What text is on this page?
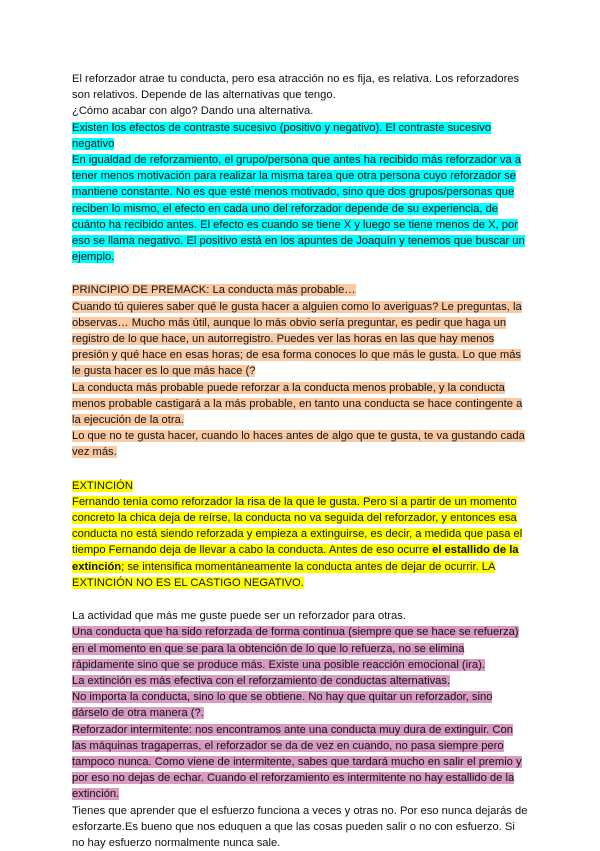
El reforzador atrae tu conducta, pero esa atracción no es fija, es relativa. Los reforzadores son relativos. Depende de las alternativas que tengo.

¿Cómo acabar con algo? Dando una alternativa.

Existen los efectos de contraste sucesivo (positivo y negativo). El contraste sucesivo negativo

En igualdad de reforzamiento, el grupo/persona que antes ha recibido más reforzador va a tener menos motivación para realizar la misma tarea que otra persona cuyo reforzador se mantiene constante. No es que esté menos motivado, sino que dos grupos/personas que reciben lo mismo, el efecto en cada uno del reforzador depende de su experiencia, de cuánto ha recibido antes. El efecto es cuando se tiene X y luego se tiene menos de X, por eso se llama negativo. El positivo está en los apuntes de Joaquín y tenemos que buscar un ejemplo.

PRINCIPIO DE PREMACK: La conducta más probable…

Cuando tú quieres saber qué le gusta hacer a alguien como lo averiguas? Le preguntas, la observas… Mucho más útil, aunque lo más obvio sería preguntar, es pedir que haga un registro de lo que hace, un autorregistro. Puedes ver las horas en las que hay menos presión y qué hace en esas horas; de esa forma conoces lo que más le gusta. Lo que más le gusta hacer es lo que más hace (?

La conducta más probable puede reforzar a la conducta menos probable, y la conducta menos probable castigará a la más probable, en tanto una conducta se hace contingente a la ejecución de la otra.

Lo que no te gusta hacer, cuando lo haces antes de algo que te gusta, te va gustando cada vez más.

EXTINCIÓN

Fernando tenía como reforzador la risa de la que le gusta. Pero si a partir de un momento concreto la chica deja de reírse, la conducta no va seguida del reforzador, y entonces esa conducta no está siendo reforzada y empieza a extinguirse, es decir, a medida que pasa el tiempo Fernando deja de llevar a cabo la conducta. Antes de eso ocurre el estallido de la extinción; se intensifica momentáneamente la conducta antes de dejar de ocurrir. LA EXTINCIÓN NO ES EL CASTIGO NEGATIVO.

La actividad que más me guste puede ser un reforzador para otras.

Una conducta que ha sido reforzada de forma continua (siempre que se hace se refuerza) en el momento en que se para la obtención de lo que lo refuerza, no se elimina rápidamente sino que se produce más. Existe una posible reacción emocional (ira).

La extinción es más efectiva con el reforzamiento de conductas alternativas.

No importa la conducta, sino lo que se obtiene. No hay que quitar un reforzador, sino dárselo de otra manera (?.

Reforzador intermitente: nos encontramos ante una conducta muy dura de extinguir. Con las máquinas tragaperras, el reforzador se da de vez en cuando, no pasa siempre pero tampoco nunca. Como viene de intermitente, sabes que tardará mucho en salir el premio y por eso no dejas de echar. Cuando el reforzamiento es intermitente no hay estallido de la extinción.

Tienes que aprender que el esfuerzo funciona a veces y otras no. Por eso nunca dejarás de esforzarte.Es bueno que nos eduquen a que las cosas pueden salir o no con esfuerzo. Si no hay esfuerzo normalmente nunca sale.
